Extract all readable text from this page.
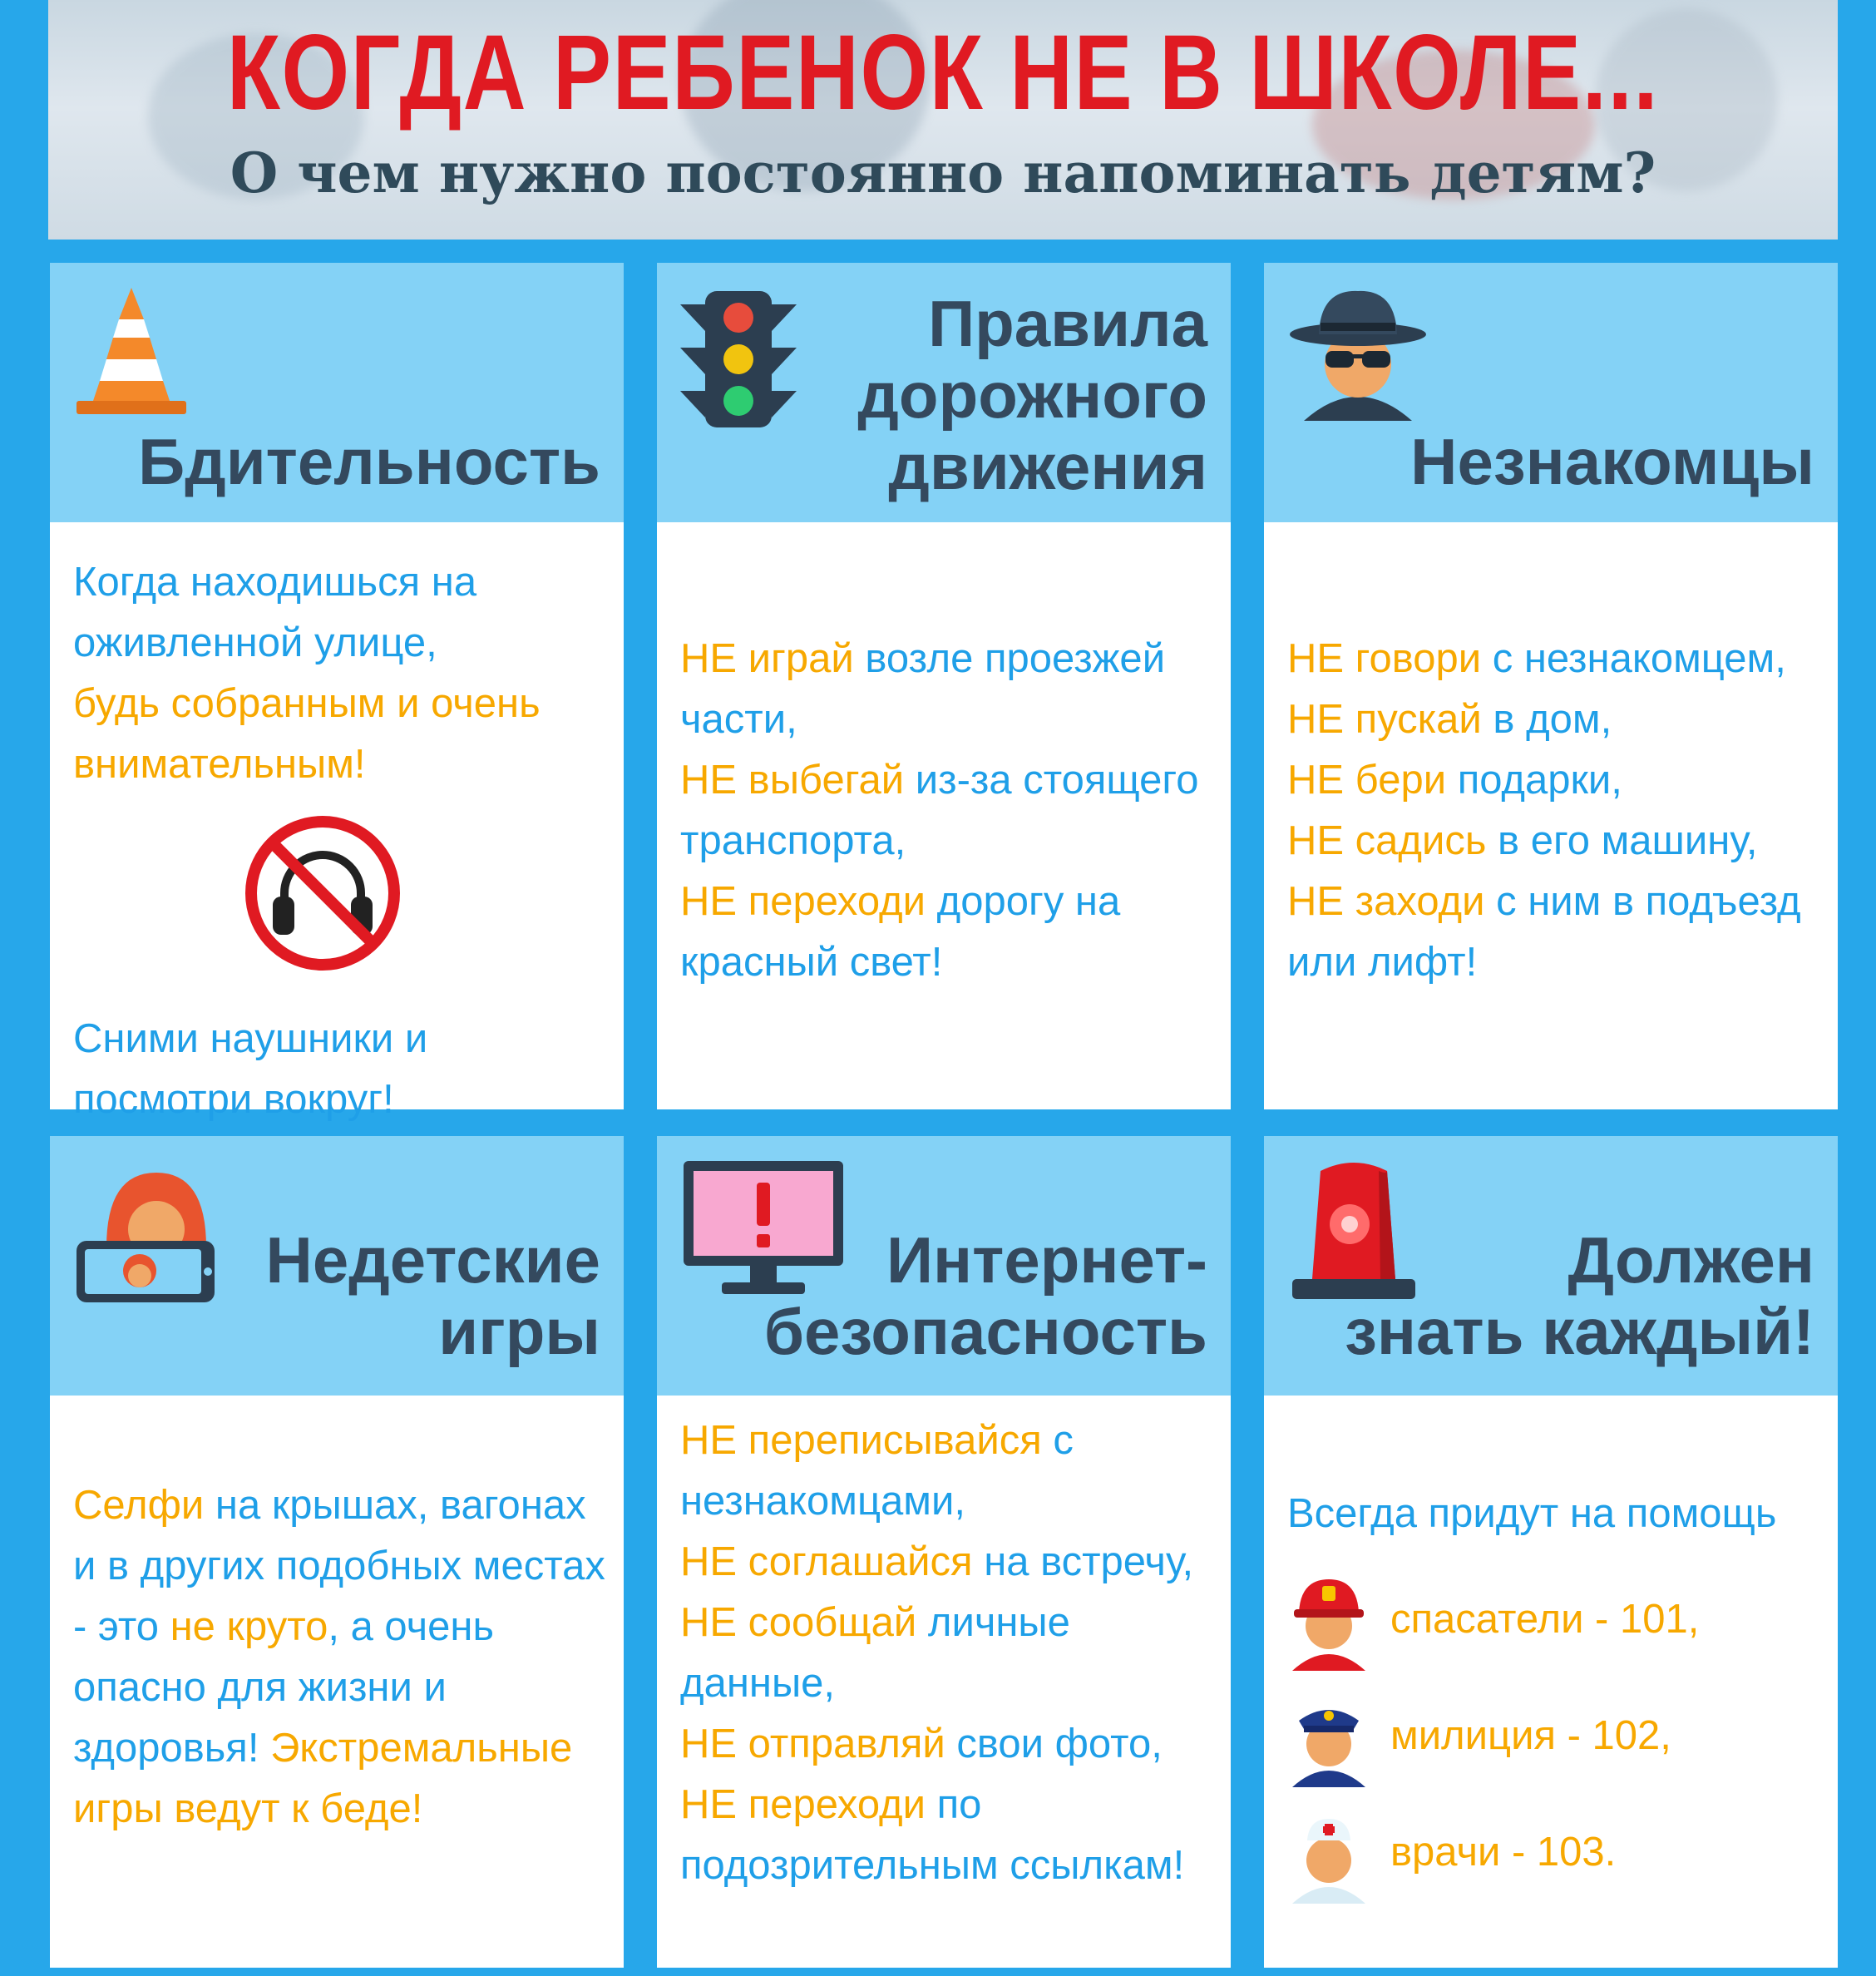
КОГДА РЕБЕНОК НЕ В ШКОЛЕ...
О чем нужно постоянно напоминать детям?
Бдительность

Когда находишься на оживленной улице,

будь собранным и очень внимательным!

Сними наушники и посмотри вокруг!

Правила
дорожного
движения

НЕ играй возле проезжей части,

НЕ выбегай из-за стоящего транспорта,

НЕ переходи дорогу на красный свет!

Незнакомцы

НЕ говори с незнакомцем,

НЕ пускай в дом,

НЕ бери подарки,

НЕ садись в его машину,

НЕ заходи с ним в подъезд или лифт!

Недетские
игры

Селфи на крышах, вагонах и в других подобных местах - это не круто, а очень опасно для жизни и здоровья! Экстремальные игры ведут к беде!

Интернет-
безопасность

НЕ переписывайся с незнакомцами,

НЕ соглашайся на встречу,

НЕ сообщай личные данные,

НЕ отправляй свои фото,

НЕ переходи по подозрительным ссылкам!

Должен
знать каждый!

Всегда придут на помощь

спасатели - 101,
милиция - 102,
врачи - 103.
